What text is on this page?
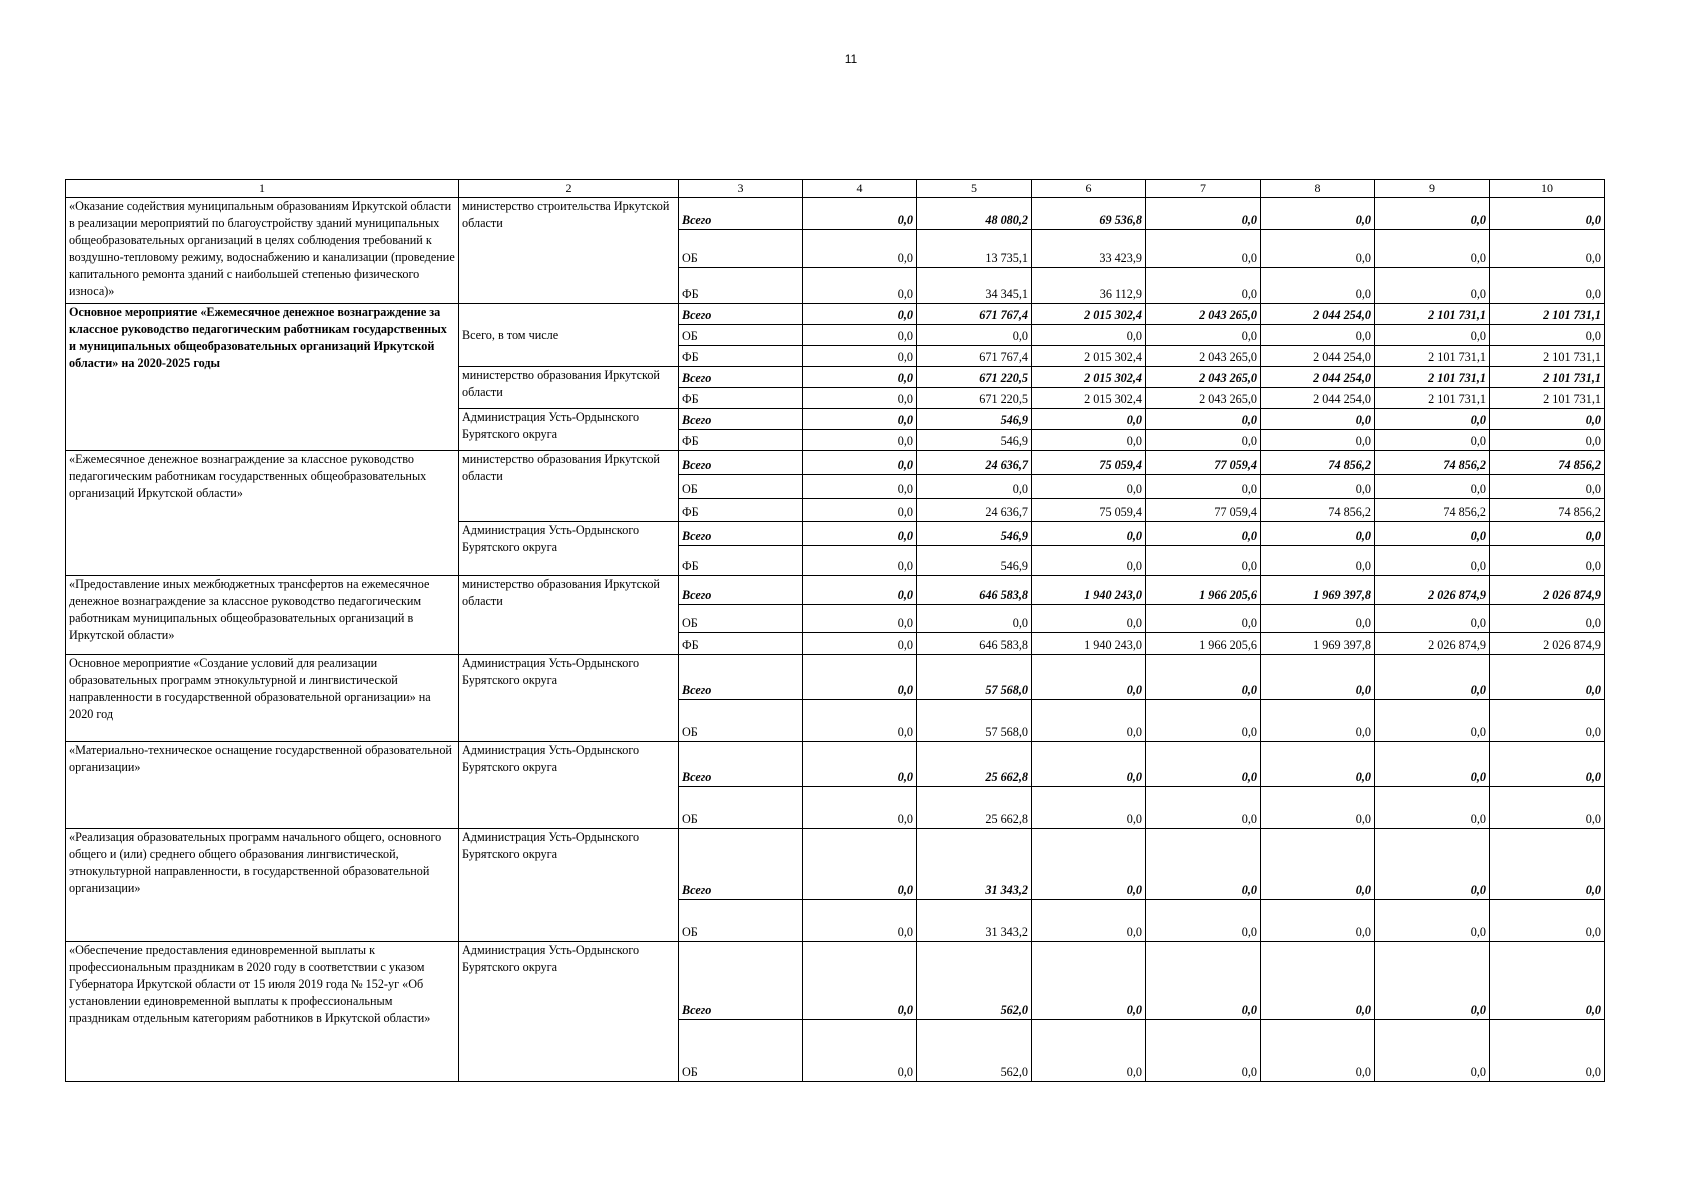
11
1	2	3	4	5	6	7	8	9	10
«Оказание содействия муниципальным образованиям Иркутской области в реализации мероприятий по благоустройству зданий муниципальных общеобразовательных организаций в целях соблюдения требований к воздушно-тепловому режиму, водоснабжению и канализации (проведение капитального ремонта зданий с наибольшей степенью физического износа)»	министерство строительства Иркутской области	Всего	0,0	48 080,2	69 536,8	0,0	0,0	0,0	0,0
		ОБ	0,0	13 735,1	33 423,9	0,0	0,0	0,0	0,0
		ФБ	0,0	34 345,1	36 112,9	0,0	0,0	0,0	0,0
Основное мероприятие «Ежемесячное денежное вознаграждение за классное руководство педагогическим работникам государственных и муниципальных общеобразовательных организаций Иркутской области» на 2020-2025 годы	Всего, в том числе	Всего	0,0	671 767,4	2 015 302,4	2 043 265,0	2 044 254,0	2 101 731,1	2 101 731,1
		ОБ	0,0	0,0	0,0	0,0	0,0	0,0	0,0
		ФБ	0,0	671 767,4	2 015 302,4	2 043 265,0	2 044 254,0	2 101 731,1	2 101 731,1
	министерство образования Иркутской области	Всего	0,0	671 220,5	2 015 302,4	2 043 265,0	2 044 254,0	2 101 731,1	2 101 731,1
		ФБ	0,0	671 220,5	2 015 302,4	2 043 265,0	2 044 254,0	2 101 731,1	2 101 731,1
	Администрация Усть-Ордынского Бурятского округа	Всего	0,0	546,9	0,0	0,0	0,0	0,0	0,0
		ФБ	0,0	546,9	0,0	0,0	0,0	0,0	0,0
«Ежемесячное денежное вознаграждение за классное руководство педагогическим работникам государственных общеобразовательных организаций Иркутской области»	министерство образования Иркутской области	Всего	0,0	24 636,7	75 059,4	77 059,4	74 856,2	74 856,2	74 856,2
		ОБ	0,0	0,0	0,0	0,0	0,0	0,0	0,0
		ФБ	0,0	24 636,7	75 059,4	77 059,4	74 856,2	74 856,2	74 856,2
	Администрация Усть-Ордынского Бурятского округа	Всего	0,0	546,9	0,0	0,0	0,0	0,0	0,0
		ФБ	0,0	546,9	0,0	0,0	0,0	0,0	0,0
«Предоставление иных межбюджетных трансфертов на ежемесячное денежное вознаграждение за классное руководство педагогическим работникам муниципальных общеобразовательных организаций в Иркутской области»	министерство образования Иркутской области	Всего	0,0	646 583,8	1 940 243,0	1 966 205,6	1 969 397,8	2 026 874,9	2 026 874,9
		ОБ	0,0	0,0	0,0	0,0	0,0	0,0	0,0
		ФБ	0,0	646 583,8	1 940 243,0	1 966 205,6	1 969 397,8	2 026 874,9	2 026 874,9
Основное мероприятие «Создание условий для реализации образовательных программ этнокультурной и лингвистической направленности в государственной образовательной организации» на 2020 год	Администрация Усть-Ордынского Бурятского округа	Всего	0,0	57 568,0	0,0	0,0	0,0	0,0	0,0
		ОБ	0,0	57 568,0	0,0	0,0	0,0	0,0	0,0
«Материально-техническое оснащение государственной образовательной организации»	Администрация Усть-Ордынского Бурятского округа	Всего	0,0	25 662,8	0,0	0,0	0,0	0,0	0,0
		ОБ	0,0	25 662,8	0,0	0,0	0,0	0,0	0,0
«Реализация образовательных программ начального общего, основного общего и (или) среднего общего образования лингвистической, этнокультурной направленности, в государственной образовательной организации»	Администрация Усть-Ордынского Бурятского округа	Всего	0,0	31 343,2	0,0	0,0	0,0	0,0	0,0
		ОБ	0,0	31 343,2	0,0	0,0	0,0	0,0	0,0
«Обеспечение предоставления единовременной выплаты к профессиональным праздникам в 2020 году в соответствии с указом Губернатора Иркутской области от 15 июля 2019 года № 152-уг «Об установлении единовременной выплаты к профессиональным праздникам отдельным категориям работников в Иркутской области»	Администрация Усть-Ордынского Бурятского округа	Всего	0,0	562,0	0,0	0,0	0,0	0,0	0,0
		ОБ	0,0	562,0	0,0	0,0	0,0	0,0	0,0
